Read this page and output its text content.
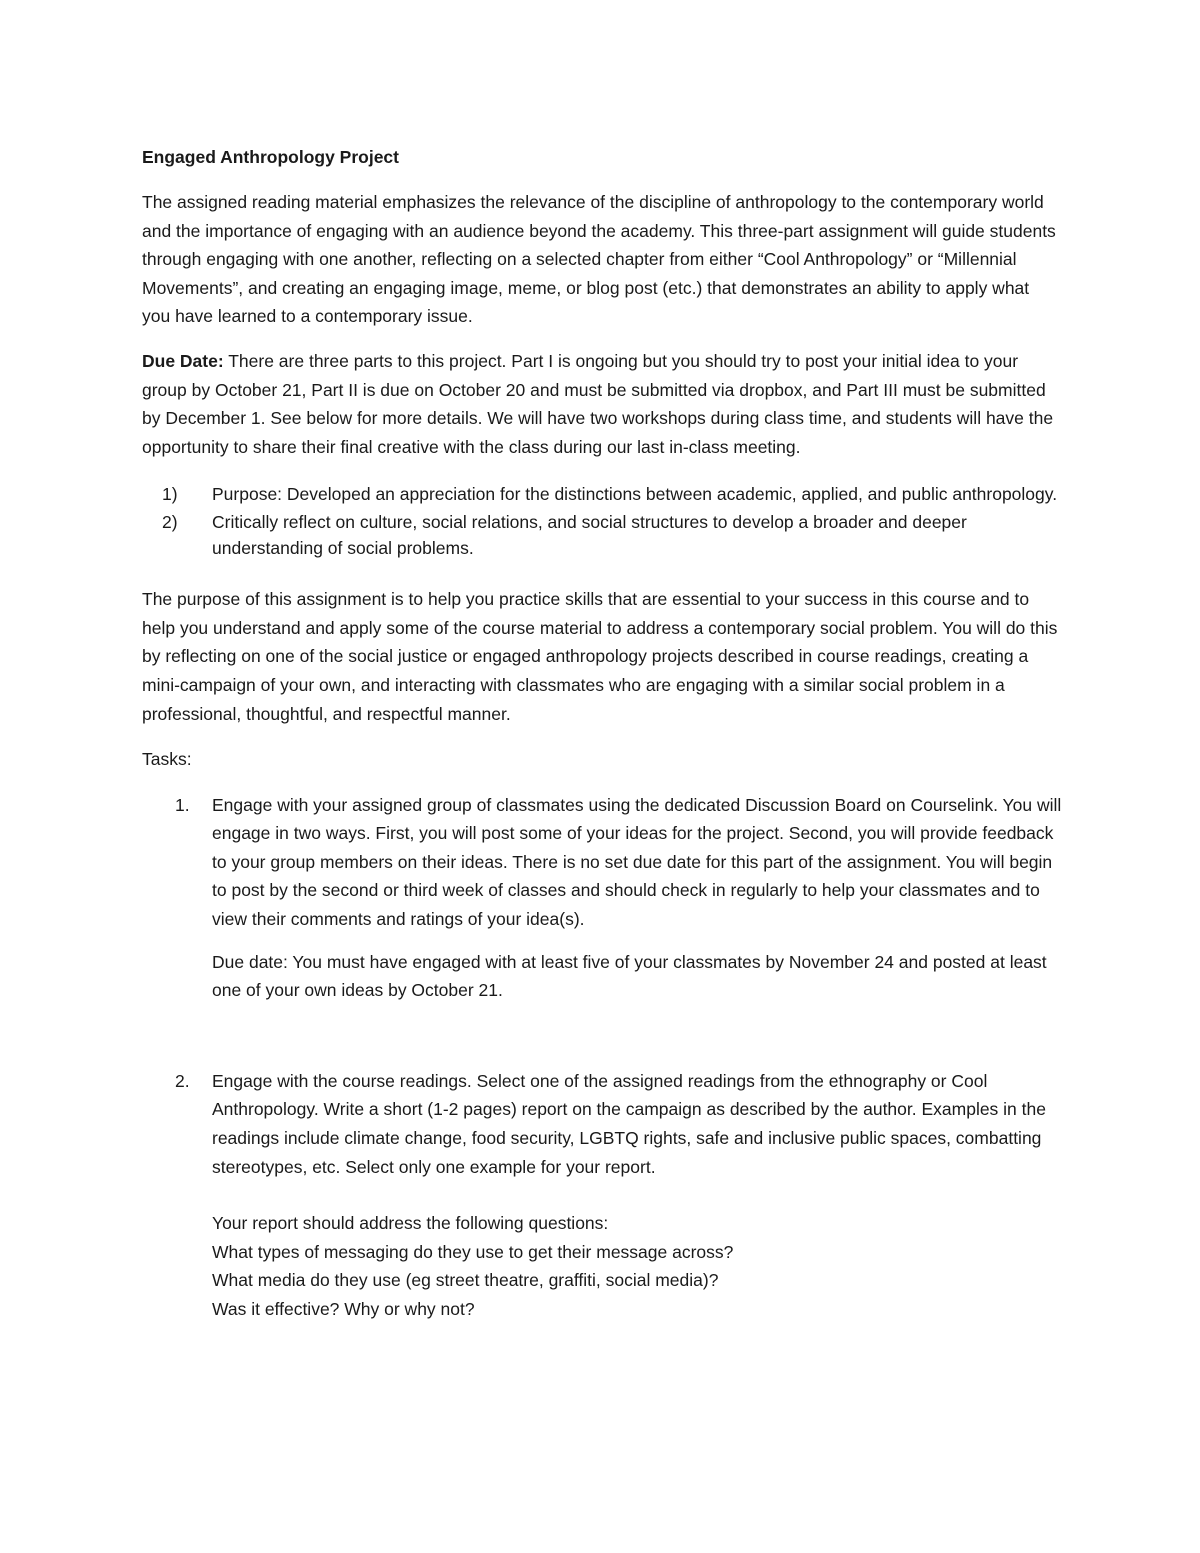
Engaged Anthropology Project

The assigned reading material emphasizes the relevance of the discipline of anthropology to the contemporary world and the importance of engaging with an audience beyond the academy. This three-part assignment will guide students through engaging with one another, reflecting on a selected chapter from either “Cool Anthropology” or “Millennial Movements”, and creating an engaging image, meme, or blog post (etc.) that demonstrates an ability to apply what you have learned to a contemporary issue.

Due Date: There are three parts to this project. Part I is ongoing but you should try to post your initial idea to your group by October 21, Part II is due on October 20 and must be submitted via dropbox, and Part III must be submitted by December 1. See below for more details. We will have two workshops during class time, and students will have the opportunity to share their final creative with the class during our last in-class meeting.

1) Purpose: Developed an appreciation for the distinctions between academic, applied, and public anthropology.
2) Critically reflect on culture, social relations, and social structures to develop a broader and deeper understanding of social problems.

The purpose of this assignment is to help you practice skills that are essential to your success in this course and to help you understand and apply some of the course material to address a contemporary social problem. You will do this by reflecting on one of the social justice or engaged anthropology projects described in course readings, creating a mini-campaign of your own, and interacting with classmates who are engaging with a similar social problem in a professional, thoughtful, and respectful manner.

Tasks:

1. Engage with your assigned group of classmates using the dedicated Discussion Board on Courselink. You will engage in two ways. First, you will post some of your ideas for the project. Second, you will provide feedback to your group members on their ideas. There is no set due date for this part of the assignment. You will begin to post by the second or third week of classes and should check in regularly to help your classmates and to view their comments and ratings of your idea(s).

Due date: You must have engaged with at least five of your classmates by November 24 and posted at least one of your own ideas by October 21.

2. Engage with the course readings. Select one of the assigned readings from the ethnography or Cool Anthropology. Write a short (1-2 pages) report on the campaign as described by the author. Examples in the readings include climate change, food security, LGBTQ rights, safe and inclusive public spaces, combatting stereotypes, etc. Select only one example for your report.

Your report should address the following questions:

What types of messaging do they use to get their message across?

What media do they use (eg street theatre, graffiti, social media)?

Was it effective? Why or why not?
